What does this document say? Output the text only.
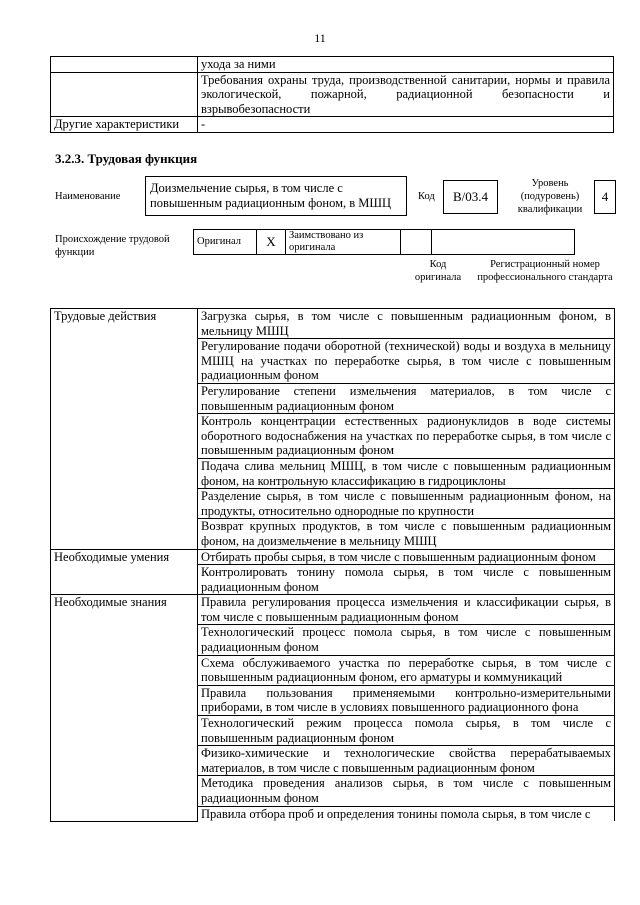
11
	ухода за ними
	Требования охраны труда, производственной санитарии, нормы и правила экологической, пожарной, радиационной безопасности и взрывобезопасности
Другие характеристики	-
3.2.3. Трудовая функция
Наименование
Доизмельчение сырья, в том числе с повышенным радиационным фоном, в МШЦ	Код	В/03.4
Уровень (подуровень) квалификации
4
Происхождение трудовой функции
Оригинал	X	Заимствовано из оригинала		
Код оригинала
Регистрационный номер профессионального стандарта
Трудовые действия	Загрузка сырья, в том числе с повышенным радиационным фоном, в мельницу МШЦ
	Регулирование подачи оборотной (технической) воды и воздуха в мельницу МШЦ на участках по переработке сырья, в том числе с повышенным радиационным фоном
	Регулирование степени измельчения материалов, в том числе с повышенным радиационным фоном
	Контроль концентрации естественных радионуклидов в воде системы оборотного водоснабжения на участках по переработке сырья, в том числе с повышенным радиационным фоном
	Подача слива мельниц МШЦ, в том числе с повышенным радиационным фоном, на контрольную классификацию в гидроциклоны
	Разделение сырья, в том числе с повышенным радиационным фоном, на продукты, относительно однородные по крупности
	Возврат крупных продуктов, в том числе с повышенным радиационным фоном, на доизмельчение в мельницу МШЦ
Необходимые умения	Отбирать пробы сырья, в том числе с повышенным радиационным фоном
	Контролировать тонину помола сырья, в том числе с повышенным радиационным фоном
Необходимые знания	Правила регулирования процесса измельчения и классификации сырья, в том числе с повышенным радиационным фоном
	Технологический процесс помола сырья, в том числе с повышенным радиационным фоном
	Схема обслуживаемого участка по переработке сырья, в том числе с повышенным радиационным фоном, его арматуры и коммуникаций
	Правила пользования применяемыми контрольно-измерительными приборами, в том числе в условиях повышенного радиационного фона
	Технологический режим процесса помола сырья, в том числе с повышенным радиационным фоном
	Физико-химические и технологические свойства перерабатываемых материалов, в том числе с повышенным радиационным фоном
	Методика проведения анализов сырья, в том числе с повышенным радиационным фоном
	Правила отбора проб и определения тонины помола сырья, в том числе с
